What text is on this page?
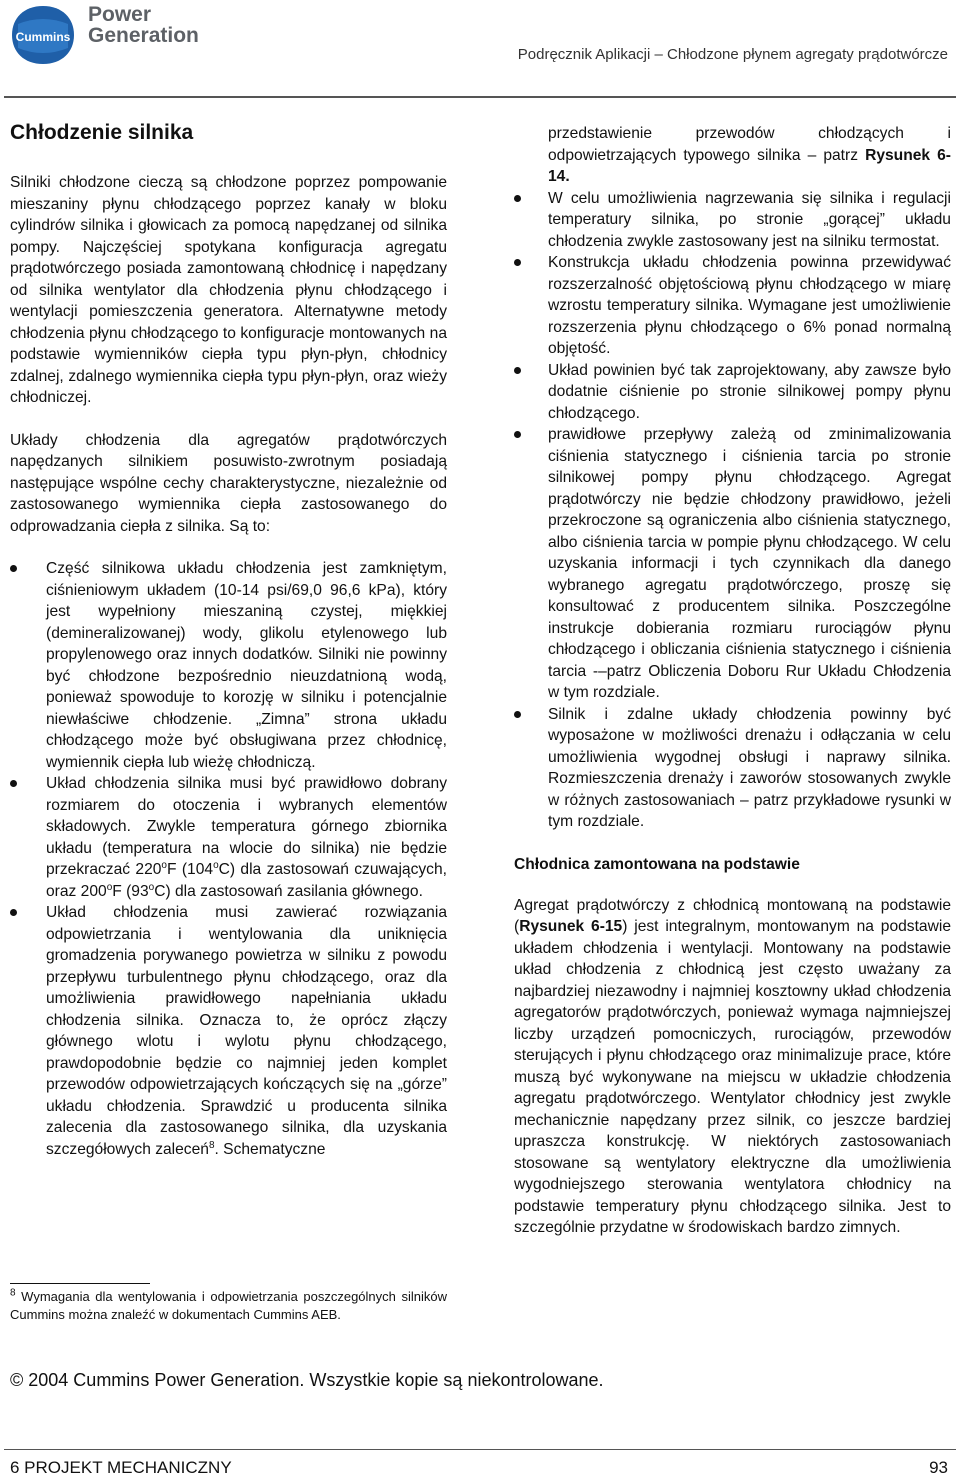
Cummins
Power
Generation
Podręcznik Aplikacji – Chłodzone płynem agregaty prądotwórcze
Chłodzenie silnika

Silniki chłodzone cieczą są chłodzone poprzez pompowanie mieszaniny płynu chłodzącego poprzez kanały w bloku cylindrów silnika i głowicach za pomocą napędzanej od silnika pompy. Najczęściej spotykana konfiguracja agregatu prądotwórczego posiada zamontowaną chłodnicę i napędzany od silnika wentylator dla chłodzenia płynu chłodzącego i wentylacji pomieszczenia generatora. Alternatywne metody chłodzenia płynu chłodzącego to konfiguracje montowanych na podstawie wymienników ciepła typu płyn-płyn, chłodnicy zdalnej, zdalnego wymiennika ciepła typu płyn-płyn, oraz wieży chłodniczej.

Układy chłodzenia dla agregatów prądotwórczych napędzanych silnikiem posuwisto-zwrotnym posiadają następujące wspólne cechy charakterystyczne, niezależnie od zastosowanego wymiennika ciepła zastosowanego do odprowadzania ciepła z silnika. Są to:

Część silnikowa układu chłodzenia jest zamkniętym, ciśnieniowym układem (10-14 psi/69,0 96,6 kPa), który jest wypełniony mieszaniną czystej, miękkiej (demineralizowanej) wody, glikolu etylenowego lub propylenowego oraz innych dodatków. Silniki nie powinny być chłodzone bezpośrednio nieuzdatnioną wodą, ponieważ spowoduje to korozję w silniku i potencjalnie niewłaściwe chłodzenie. „Zimna” strona układu chłodzącego może być obsługiwana przez chłodnicę, wymiennik ciepła lub wieżę chłodniczą.
Układ chłodzenia silnika musi być prawidłowo dobrany rozmiarem do otoczenia i wybranych elementów składowych. Zwykle temperatura górnego zbiornika układu (temperatura na wlocie do silnika) nie będzie przekraczać 220$^o$F (104$^o$C) dla zastosowań czuwających, oraz 200$^o$F (93$^o$C) dla zastosowań zasilania głównego.
Układ chłodzenia musi zawierać rozwiązania odpowietrzania i wentylowania dla uniknięcia gromadzenia porywanego powietrza w silniku z powodu przepływu turbulentnego płynu chłodzącego, oraz dla umożliwienia prawidłowego napełniania układu chłodzenia silnika. Oznacza to, że oprócz złączy głównego wlotu i wylotu płynu chłodzącego, prawdopodobnie będzie co najmniej jeden komplet przewodów odpowietrzających kończących się na „górze” układu chłodzenia. Sprawdzić u producenta silnika zalecenia dla zastosowanego silnika, dla uzyskania szczegółowych zaleceń$^8$. Schematyczne
$^8$ Wymagania dla wentylowania i odpowietrzania poszczególnych silników Cummins można znaleźć w dokumentach Cummins AEB.

przedstawienie przewodów chłodzących i odpowietrzających typowego silnika – patrz Rysunek 6-14.

W celu umożliwienia nagrzewania się silnika i regulacji temperatury silnika, po stronie „gorącej” układu chłodzenia zwykle zastosowany jest na silniku termostat.
Konstrukcja układu chłodzenia powinna przewidywać rozszerzalność objętościową płynu chłodzącego w miarę wzrostu temperatury silnika. Wymagane jest umożliwienie rozszerzenia płynu chłodzącego o 6% ponad normalną objętość.
Układ powinien być tak zaprojektowany, aby zawsze było dodatnie ciśnienie po stronie silnikowej pompy płynu chłodzącego.
prawidłowe przepływy zależą od zminimalizowania ciśnienia statycznego i ciśnienia tarcia po stronie silnikowej pompy płynu chłodzącego. Agregat prądotwórczy nie będzie chłodzony prawidłowo, jeżeli przekroczone są ograniczenia albo ciśnienia statycznego, albo ciśnienia tarcia w pompie płynu chłodzącego. W celu uzyskania informacji i tych czynnikach dla danego wybranego agregatu prądotwórczego, proszę się konsultować z producentem silnika. Poszczególne instrukcje dobierania rozmiaru rurociągów płynu chłodzącego i obliczania ciśnienia statycznego i ciśnienia tarcia -–patrz Obliczenia Doboru Rur Układu Chłodzenia w tym rozdziale.
Silnik i zdalne układy chłodzenia powinny być wyposażone w możliwości drenażu i odłączania w celu umożliwienia wygodnej obsługi i naprawy silnika. Rozmieszczenia drenaży i zaworów stosowanych zwykle w różnych zastosowaniach – patrz przykładowe rysunki w tym rozdziale.
Chłodnica zamontowana na podstawie

Agregat prądotwórczy z chłodnicą montowaną na podstawie (Rysunek 6-15) jest integralnym, montowanym na podstawie układem chłodzenia i wentylacji. Montowany na podstawie układ chłodzenia z chłodnicą jest często uważany za najbardziej niezawodny i najmniej kosztowny układ chłodzenia agregatorów prądotwórczych, ponieważ wymaga najmniejszej liczby urządzeń pomocniczych, rurociągów, przewodów sterujących i płynu chłodzącego oraz minimalizuje prace, które muszą być wykonywane na miejscu w układzie chłodzenia agregatu prądotwórczego. Wentylator chłodnicy jest zwykle mechanicznie napędzany przez silnik, co jeszcze bardziej upraszcza konstrukcję. W niektórych zastosowaniach stosowane są wentylatory elektryczne dla umożliwienia wygodniejszego sterowania wentylatora chłodnicy na podstawie temperatury płynu chłodzącego silnika. Jest to szczególnie przydatne w środowiskach bardzo zimnych.

© 2004 Cummins Power Generation. Wszystkie kopie są niekontrolowane.
6 PROJEKT MECHANICZNY	93
